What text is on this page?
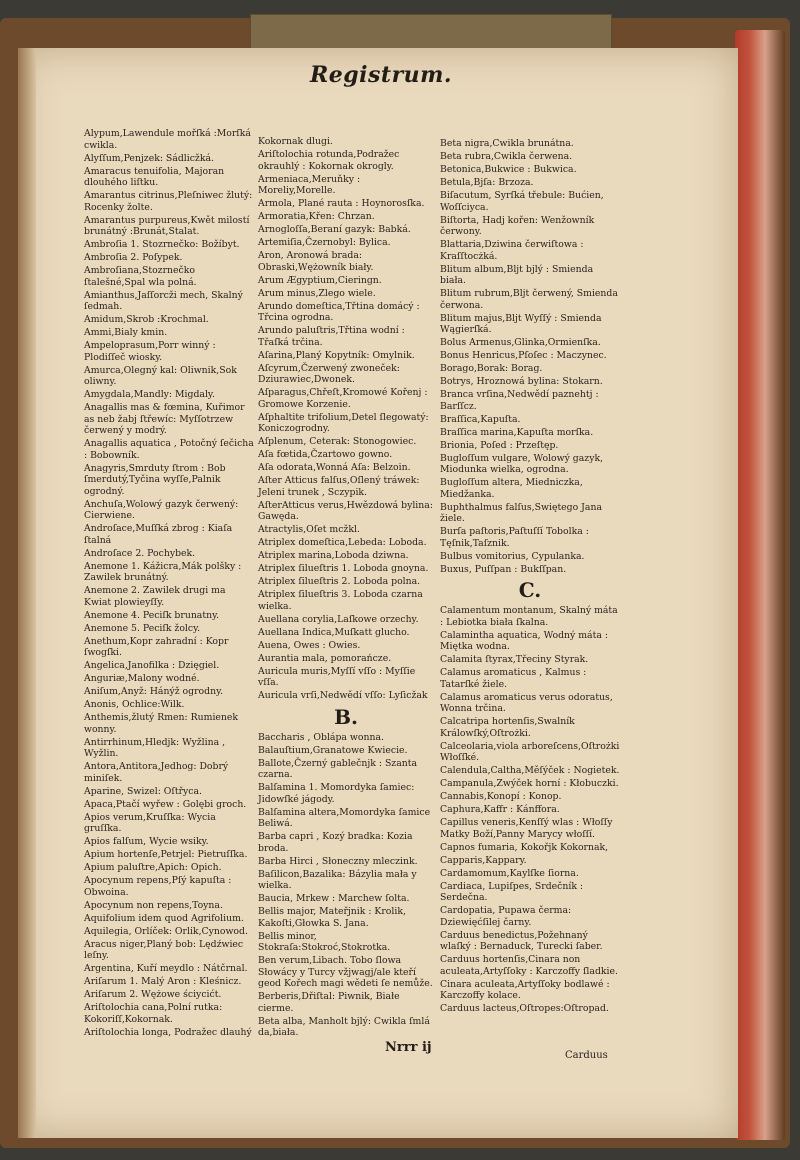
Registrum.
Alypum,Lawendule mořſká :Morſká cwikla.
Alyſſum,Penjzek: Sádlicžká.
Amaracus tenuifolia, Majoran dlouhého liſtku.
Amarantus citrinus,Pleſniwec žlutý: Rocenky žolte.
Amarantus purpureus,Kwět milostí brunátný :Brunát,Stalat.
Ambroſia 1. Stozrnečko: Božíbyt.
Ambroſia 2. Poſypek.
Ambroſiana,Stozrnečko ſtalešné,Spal wla polná.
Amianthus,Jaſſorcži mech, Skalný ſedmah.
Amidum,Skrob :Krochmal.
Ammi,Bialy kmin.
Ampeloprasum,Porr winný : Plodiſſeč wiosky.
Amurca,Olegný kal: Oliwnik,Sok oliwny.
Amygdala,Mandly: Migdaly.
Anagallis mas & fœmina, Kuřimor as neb žabj ſtřewíc: Myſſotrzew čerwený y modrý.
Anagallis aquatica , Potočný ſečicha : Bobowník.
Anagyris,Smrduty ſtrom : Bob ſmerdutý,Tyčina wyſſe,Palnik ogrodný.
Anchuſa,Wolowý gazyk čerwený: Cierwiene.
Androſace,Muſſká zbrog : Kiaſa ſtalná
Androſace 2. Pochybek.
Anemone 1. Kážicra,Mák polšky : Zawilek brunátný.
Anemone 2. Zawilek drugi ma Kwiat plowieyſſy.
Anemone 4. Peciſk brunatny.
Anemone 5. Peciſk žolcy.
Anethum,Kopr zahradní : Kopr ſwogſki.
Angelica,Janofilka : Dzięgiel.
Anguriæ,Malony wodné.
Aniſum,Anyž: Hánýž ogrodny.
Anonis, Ochlice:Wilk.
Anthemis,žlutý Rmen: Rumienek wonny.
Antirrhinum,Hledjk: Wyžlina , Wyžlin.
Antora,Antitora,Jedhog: Dobrý miniſek.
Aparine, Swizel: Oſtřyca.
Apaca,Ptačí wyřew : Golębi groch.
Apios verum,Kruſſka: Wycia gruſſka.
Apios falſum, Wycie wsiky.
Apium hortenſe,Petrjel: Pietruſſka.
Apium paluſtre,Apich: Opich.
Apocynum repens,Pſý kapuſta : Obwoina.
Apocynum non repens,Toyna.
Aquifolium idem quod Agrifolium.
Aquilegia, Orlíček: Orlik,Cynowod.
Aracus niger,Planý bob: Lędźwiec leſny.
Argentina, Kuří meydlo : Nátčrnal.
Ariſarum 1. Malý Aron : Kleśnicz.
Ariſarum 2. Wężowe ściycićt.
Ariſtolochia cana,Polní rutka: Kokoriſſ,Kokornak.
Ariſtolochia longa, Podražec dlauhý
Kokornak dlugi.
Ariſtolochia rotunda,Podražec okrauhlý : Kokornak okrogly.
Armeniaca,Meruňky : Moreliy,Morelle.
Armola, Plané rauta : Hoynorosſka.
Armoratia,Křen: Chrzan.
Arnogloſſa,Beraní gazyk: Babká.
Artemiſia,Čzernobyl: Bylica.
Aron, Aronowá brada: Obraski,Wężowník biały.
Arum Ægyptium,Cieringn.
Arum minus,Zlego wiele.
Arundo domeſtica,Třtina domácý : Třcina ogrodna.
Arundo paluſtris,Třtina wodní : Třaſká trčina.
Aſarina,Planý Kopytník: Omylnik.
Aſcyrum,Čzerwený zwoneček: Dziurawiec,Dwonek.
Aſparagus,Chřeſt,Kromowé Kořenj : Gromowe Korzenie.
Aſphaltite trifolium,Detel ſlegowatý: Koniczogrodny.
Aſplenum, Ceterak: Stonogowiec.
Aſa fœtida,Čzartowo gowno.
Aſa odorata,Wonná Aſa: Belzoin.
Aſter Atticus falſus,Oſlený tráwek: Jeleni trunek , Sczypik.
AſterAtticus verus,Hwězdowá bylina: Gawęda.
Atractylis,Oſet mcžkl.
Atriplex domeſtica,Lebeda: Loboda.
Atriplex marina,Loboda dziwna.
Atriplex ſilueſtris 1. Loboda gnoyna.
Atriplex ſilueſtris 2. Loboda polna.
Atriplex ſilueſtris 3. Loboda czarna wielka.
Auellana corylia,Laſkowe orzechy.
Auellana Indica,Muſkatt glucho.
Auena, Owes : Owies.
Aurantia mala, pomorańcze.
Auricula muris,Myſſí vſſo : Myſſie vſſa.
Auricula vrſi,Nedwědí vſſo: Lyſicžak
B.
Baccharis , Oblápa wonna.
Balauſtium,Granatowe Kwiecie.
Ballote,Čzerný gablečnjk : Szanta czarna.
Balſamina 1. Momordyka ſamiec: Jidowſké jágody.
Balſamina altera,Momordyka ſamice Beliwá.
Barba capri , Kozý bradka: Kozia broda.
Barba Hirci , Słoneczny mleczink.
Baſilicon,Bazalika: Bázylia mała y wielka.
Baucia, Mrkew : Marchew ſolta.
Bellis major, Mateřjnik : Krolik, Kakoſti,Głowka S. Jana.
Bellis minor, Stokraſa:Stokroć,Stokrotka.
Ben verum,Libach. Tobo ſlowa Słowácy y Turcy vžjwagj/ale kteří geod Kořech magi wědeti ſe nemůže.
Berberis,Dřiſtal: Piwnik, Białe cierme.
Beta alba, Manholt bjlý: Cwikla ſmlá da,biała.
Beta nigra,Cwikla brunátna.
Beta rubra,Cwikla čerwena.
Betonica,Bukwice : Bukwica.
Betula,Bjſa: Brzoza.
Biſacutum, Syrſká třebule: Bućien, Woſſciyca.
Biſtorta, Hadj kořen: Wenžowník čerwony.
Blattaria,Dziwina čerwiſtowa : Kraſſtocżká.
Blitum album,Bljt bjlý : Smienda biała.
Blitum rubrum,Bljt čerwený, Smienda čerwona.
Blitum majus,Bljt Wyſſý : Smienda Wągierſká.
Bolus Armenus,Glinka,Ormienſka.
Bonus Henricus,Pſoſec : Maczynec.
Borago,Borak: Borag.
Botrys, Hroznowá bylina: Stokarn.
Branca vrſina,Nedwědí paznehtj : Barſſcz.
Braſſica,Kapuſta.
Braſſica marina,Kapuſta morſka.
Brionia, Poſed : Przeſtęp.
Bugloſſum vulgare, Wolowý gazyk, Miodunka wielka, ogrodna.
Bugloſſum altera, Miedniczka, Miedžanka.
Buphthalmus falſus,Swiętego Jana žiele.
Burſa paſtoris,Paſtuſſí Tobolka : Tęſnik,Taſznik.
Bulbus vomitorius, Cypulanka.
Buxus, Puſſpan : Bukſſpan.
C.
Calamentum montanum, Skalný máta : Lebiotka biała ſkalna.
Calamintha aquatica, Wodný máta : Miętka wodna.
Calamita ſtyrax,Třeciny Styrak.
Calamus aromaticus , Kalmus : Tatarſké žiele.
Calamus aromaticus verus odoratus, Wonna trčina.
Calcatripa hortenſis,Swalník Králowſký,Oſtrożki.
Calceolaria,viola arboreſcens,Oſtrożki Włoſſké.
Calendula,Caltha,Měſýček : Nogietek.
Campanula,Zwýček horní : Kłobuczki.
Cannabis,Konopí : Konop.
Caphura,Kaffr : Kánffora.
Capillus veneris,Kenſſý wlas : Włoſſy Matky Boží,Panny Marycy włoſſí.
Capnos fumaria, Kokořjk Kokornak,
Capparis,Kappary.
Cardamomum,Kaylſke ſiorna.
Cardiaca, Lupiſpes, Srdečník : Serdečna.
Cardopatia, Pupawa čerma: Dziewięćſilej čarny.
Carduus benedictus,Požehnaný wlaſký : Bernaduck, Turecki ſaber.
Carduus hortenſis,Cinara non aculeata,Artyſſoky : Karczoffy ſladkie.
Cinara aculeata,Artyſſoky bodlawé : Karczoffy kolace.
Carduus lacteus,Oſtropes:Oſtropad.
Nrrr ij
Carduus
